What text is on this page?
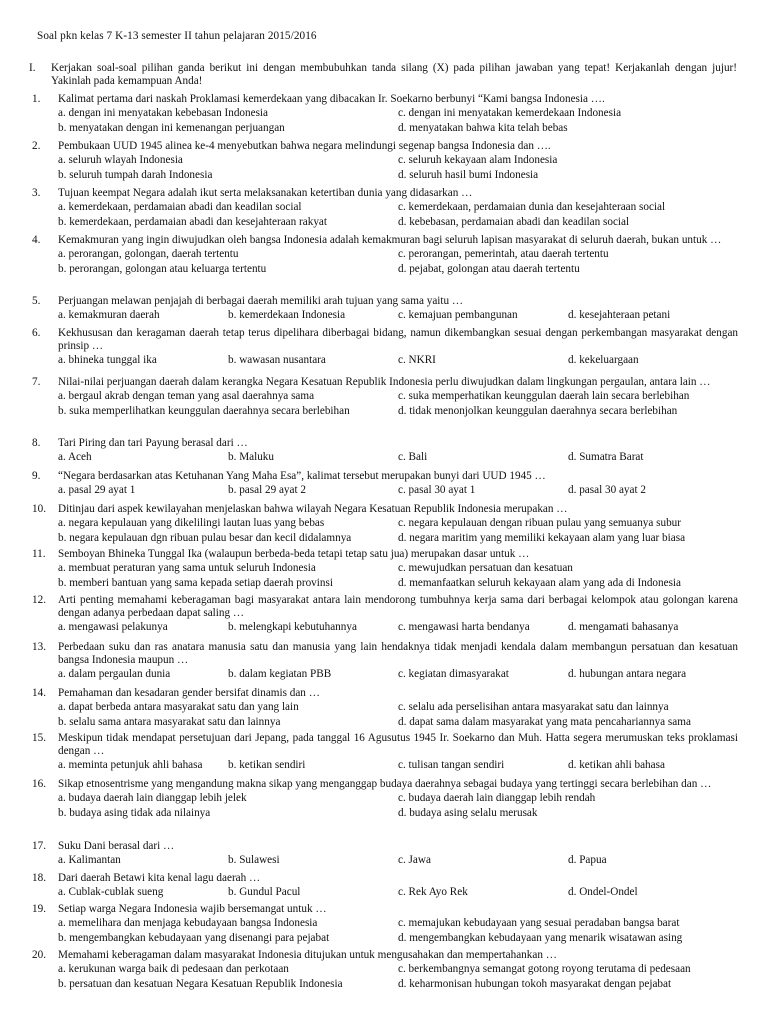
Soal pkn kelas 7 K-13 semester II tahun pelajaran 2015/2016
I. Kerjakan soal-soal pilihan ganda berikut ini dengan membubuhkan tanda silang (X) pada pilihan jawaban yang tepat! Kerjakanlah dengan jujur! Yakinlah pada kemampuan Anda!
1. Kalimat pertama dari naskah Proklamasi kemerdekaan yang dibacakan Ir. Soekarno berbunyi “Kami bangsa Indonesia ….
a. dengan ini menyatakan kebebasan Indonesia	c. dengan ini menyatakan kemerdekaan Indonesia
b. menyatakan dengan ini kemenangan perjuangan	d. menyatakan bahwa kita telah bebas
2. Pembukaan UUD 1945 alinea ke-4 menyebutkan bahwa negara melindungi segenap bangsa Indonesia dan ….
a. seluruh wlayah Indonesia	c. seluruh kekayaan alam Indonesia
b. seluruh tumpah darah Indonesia	d. seluruh hasil bumi Indonesia
3. Tujuan keempat Negara adalah ikut serta melaksanakan ketertiban dunia yang didasarkan …
a. kemerdekaan, perdamaian abadi dan keadilan social	c. kemerdekaan, perdamaian dunia dan kesejahteraan social
b. kemerdekaan, perdamaian abadi dan kesejahteraan rakyat	d. kebebasan, perdamaian abadi dan keadilan social
4. Kemakmuran yang ingin diwujudkan oleh bangsa Indonesia adalah kemakmuran bagi seluruh lapisan masyarakat di seluruh daerah, bukan untuk …
a. perorangan, golongan, daerah tertentu	c. perorangan, pemerintah, atau daerah tertentu
b. perorangan, golongan atau keluarga tertentu	d. pejabat, golongan atau daerah tertentu
5. Perjuangan melawan penjajah di berbagai daerah memiliki arah tujuan yang sama yaitu …
a. kemakmuran daerah	b. kemerdekaan Indonesia	c. kemajuan pembangunan	d. kesejahteraan petani
6. Kekhususan dan keragaman daerah tetap terus dipelihara diberbagai bidang, namun dikembangkan sesuai dengan perkembangan masyarakat dengan prinsip …
a. bhineka tunggal ika	b. wawasan nusantara	c. NKRI	d. kekeluargaan
7. Nilai-nilai perjuangan daerah dalam kerangka Negara Kesatuan Republik Indonesia perlu diwujudkan dalam lingkungan pergaulan, antara lain …
a. bergaul akrab dengan teman yang asal daerahnya sama	c. suka memperhatikan keunggulan daerah lain secara berlebihan
b. suka memperlihatkan keunggulan daerahnya secara berlebihan	d. tidak menonjolkan keunggulan daerahnya secara berlebihan
8. Tari Piring dan tari Payung berasal dari …
a. Aceh	b. Maluku	c. Bali	d. Sumatra Barat
9. “Negara berdasarkan atas Ketuhanan Yang Maha Esa”, kalimat tersebut merupakan bunyi dari UUD 1945 …
a. pasal 29 ayat 1	b. pasal 29 ayat 2	c. pasal 30 ayat 1	d. pasal 30 ayat 2
10. Ditinjau dari aspek kewilayahan menjelaskan bahwa wilayah Negara Kesatuan Republik Indonesia merupakan …
a. negara kepulauan yang dikelilingi lautan luas yang bebas	c. negara kepulauan dengan ribuan pulau yang semuanya subur
b. negara kepulauan dgn ribuan pulau besar dan kecil didalamnya	d. negara maritim yang memiliki kekayaan alam yang luar biasa
11. Semboyan Bhineka Tunggal Ika (walaupun berbeda-beda tetapi tetap satu jua) merupakan dasar untuk …
a. membuat peraturan yang sama untuk seluruh Indonesia	c. mewujudkan persatuan dan kesatuan
b. memberi bantuan yang sama kepada setiap daerah provinsi	d. memanfaatkan seluruh kekayaan alam yang ada di Indonesia
12. Arti penting memahami keberagaman bagi masyarakat antara lain mendorong tumbuhnya kerja sama dari berbagai kelompok atau golongan karena dengan adanya perbedaan dapat saling …
a. mengawasi pelakunya	b. melengkapi kebutuhannya	c. mengawasi harta bendanya	d. mengamati bahasanya
13. Perbedaan suku dan ras anatara manusia satu dan manusia yang lain hendaknya tidak menjadi kendala dalam membangun persatuan dan kesatuan bangsa Indonesia maupun …
a. dalam pergaulan dunia	b. dalam kegiatan PBB	c. kegiatan dimasyarakat	d. hubungan antara negara
14. Pemahaman dan kesadaran gender bersifat dinamis dan …
a. dapat berbeda antara masyarakat satu dan yang lain	c. selalu ada perselisihan antara masyarakat satu dan lainnya
b. selalu sama antara masyarakat satu dan lainnya	d. dapat sama dalam masyarakat yang mata pencahariannya sama
15. Meskipun tidak mendapat persetujuan dari Jepang, pada tanggal 16 Agusutus 1945 Ir. Soekarno dan Muh. Hatta segera merumuskan teks proklamasi dengan …
a. meminta petunjuk ahli bahasa b. ketikan sendiri	c. tulisan tangan sendiri	d. ketikan ahli bahasa
16. Sikap etnosentrisme yang mengandung makna sikap yang menganggap budaya daerahnya sebagai budaya yang tertinggi secara berlebihan dan …
a. budaya daerah lain dianggap lebih jelek	c. budaya daerah lain dianggap lebih rendah
b. budaya asing tidak ada nilainya	d. budaya asing selalu merusak
17. Suku Dani berasal dari …
a. Kalimantan	b. Sulawesi	c. Jawa	d. Papua
18. Dari daerah Betawi kita kenal lagu daerah …
a. Cublak-cublak sueng	b. Gundul Pacul	c. Rek Ayo Rek	d. Ondel-Ondel
19. Setiap warga Negara Indonesia wajib bersemangat untuk …
a. memelihara dan menjaga kebudayaan bangsa Indonesia	c. memajukan kebudayaan yang sesuai peradaban bangsa barat
b. mengembangkan kebudayaan yang disenangi para pejabat	d. mengembangkan kebudayaan yang menarik wisatawan asing
20. Memahami keberagaman dalam masyarakat Indonesia ditujukan untuk mengusahakan dan mempertahankan …
a. kerukunan warga baik di pedesaan dan perkotaan	c. berkembangnya semangat gotong royong terutama di pedesaan
b. persatuan dan kesatuan Negara Kesatuan Republik Indonesia	d. keharmonisan hubungan tokoh masyarakat dengan pejabat
